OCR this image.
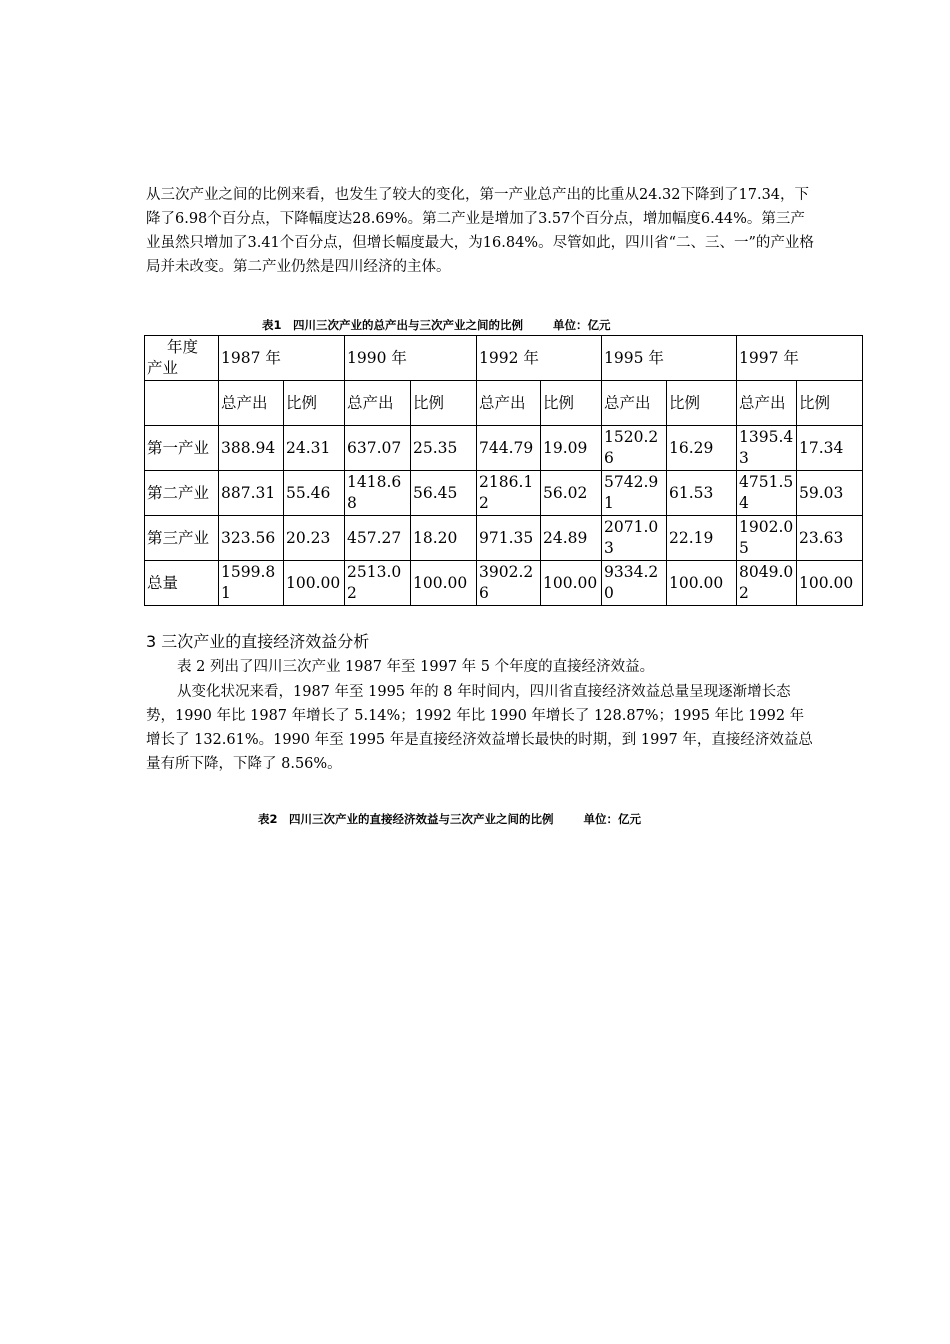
从三次产业之间的比例来看，也发生了较大的变化，第一产业总产出的比重从24.32下降到了17.34，下降了6.98个百分点，下降幅度达28.69%。第二产业是增加了3.57个百分点，增加幅度6.44%。第三产业虽然只增加了3.41个百分点，但增长幅度最大，为16.84%。尽管如此，四川省“二、三、一”的产业格局并未改变。第二产业仍然是四川经济的主体。

表1　四川三次产业的总产出与三次产业之间的比例	单位：亿元
年度
产业	1987 年		1990 年		1992 年		1995 年		1997 年	
	总产出	比例	总产出	比例	总产出	比例	总产出	比例	总产出	比例
第一产业	388.94	24.31	637.07	25.35	744.79	19.09	1520.26	16.29	1395.43	17.34
第二产业	887.31	55.46	1418.68	56.45	2186.12	56.02	5742.91	61.53	4751.54	59.03
第三产业	323.56	20.23	457.27	18.20	971.35	24.89	2071.03	22.19	1902.05	23.63
总量	1599.81	100.00	2513.02	100.00	3902.26	100.00	9334.20	100.00	8049.02	100.00
3 三次产业的直接经济效益分析

表 2 列出了四川三次产业 1987 年至 1997 年 5 个年度的直接经济效益。

从变化状况来看，1987 年至 1995 年的 8 年时间内，四川省直接经济效益总量呈现逐渐增长态势，1990 年比 1987 年增长了 5.14%；1992 年比 1990 年增长了 128.87%；1995 年比 1992 年增长了 132.61%。1990 年至 1995 年是直接经济效益增长最快的时期，到 1997 年，直接经济效益总量有所下降，下降了 8.56%。

表2　四川三次产业的直接经济效益与三次产业之间的比例	单位：亿元
